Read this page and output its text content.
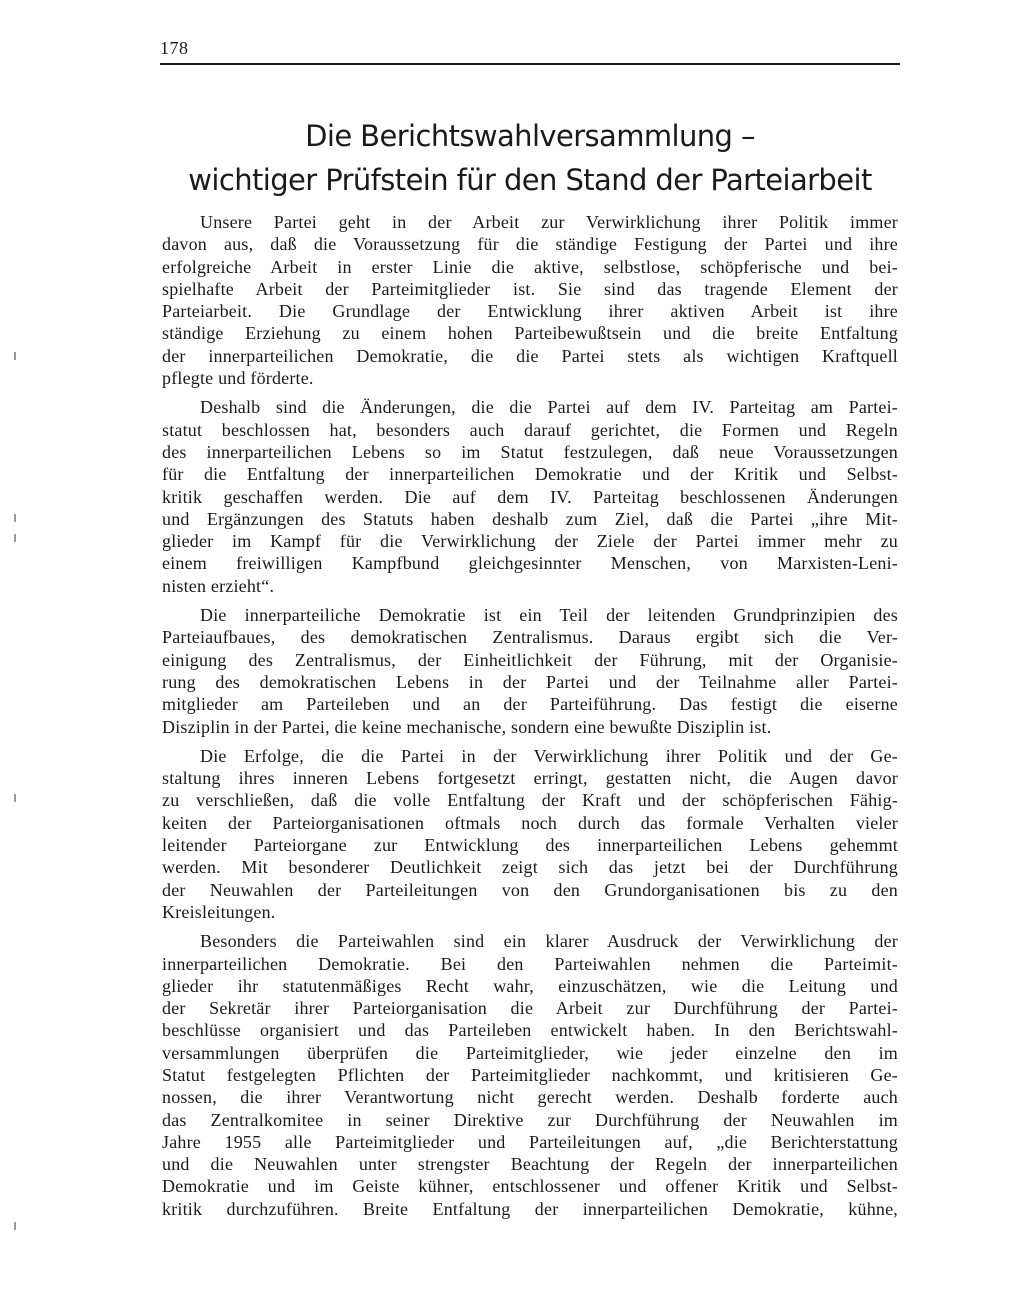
178
Die Berichtswahlversammlung –
wichtiger Prüfstein für den Stand der Parteiarbeit

Unsere Partei geht in der Arbeit zur Verwirklichung ihrer Politik immer
davon aus, daß die Voraussetzung für die ständige Festigung der Partei und ihre
erfolgreiche Arbeit in erster Linie die aktive, selbstlose, schöpferische und bei-
spielhafte Arbeit der Parteimitglieder ist. Sie sind das tragende Element der
Parteiarbeit. Die Grundlage der Entwicklung ihrer aktiven Arbeit ist ihre
ständige Erziehung zu einem hohen Parteibewußtsein und die breite Entfaltung
der innerparteilichen Demokratie, die die Partei stets als wichtigen Kraftquell
pflegte und förderte.

Deshalb sind die Änderungen, die die Partei auf dem IV. Parteitag am Partei-
statut beschlossen hat, besonders auch darauf gerichtet, die Formen und Regeln
des innerparteilichen Lebens so im Statut festzulegen, daß neue Voraussetzungen
für die Entfaltung der innerparteilichen Demokratie und der Kritik und Selbst-
kritik geschaffen werden. Die auf dem IV. Parteitag beschlossenen Änderungen
und Ergänzungen des Statuts haben deshalb zum Ziel, daß die Partei „ihre Mit-
glieder im Kampf für die Verwirklichung der Ziele der Partei immer mehr zu
einem freiwilligen Kampfbund gleichgesinnter Menschen, von Marxisten-Leni-
nisten erzieht“.

Die innerparteiliche Demokratie ist ein Teil der leitenden Grundprinzipien des
Parteiaufbaues, des demokratischen Zentralismus. Daraus ergibt sich die Ver-
einigung des Zentralismus, der Einheitlichkeit der Führung, mit der Organisie-
rung des demokratischen Lebens in der Partei und der Teilnahme aller Partei-
mitglieder am Parteileben und an der Parteiführung. Das festigt die eiserne
Disziplin in der Partei, die keine mechanische, sondern eine bewußte Disziplin ist.

Die Erfolge, die die Partei in der Verwirklichung ihrer Politik und der Ge-
staltung ihres inneren Lebens fortgesetzt erringt, gestatten nicht, die Augen davor
zu verschließen, daß die volle Entfaltung der Kraft und der schöpferischen Fähig-
keiten der Parteiorganisationen oftmals noch durch das formale Verhalten vieler
leitender Parteiorgane zur Entwicklung des innerparteilichen Lebens gehemmt
werden. Mit besonderer Deutlichkeit zeigt sich das jetzt bei der Durchführung
der Neuwahlen der Parteileitungen von den Grundorganisationen bis zu den
Kreisleitungen.

Besonders die Parteiwahlen sind ein klarer Ausdruck der Verwirklichung der
innerparteilichen Demokratie. Bei den Parteiwahlen nehmen die Parteimit-
glieder ihr statutenmäßiges Recht wahr, einzuschätzen, wie die Leitung und
der Sekretär ihrer Parteiorganisation die Arbeit zur Durchführung der Partei-
beschlüsse organisiert und das Parteileben entwickelt haben. In den Berichtswahl-
versammlungen überprüfen die Parteimitglieder, wie jeder einzelne den im
Statut festgelegten Pflichten der Parteimitglieder nachkommt, und kritisieren Ge-
nossen, die ihrer Verantwortung nicht gerecht werden. Deshalb forderte auch
das Zentralkomitee in seiner Direktive zur Durchführung der Neuwahlen im
Jahre 1955 alle Parteimitglieder und Parteileitungen auf, „die Berichterstattung
und die Neuwahlen unter strengster Beachtung der Regeln der innerparteilichen
Demokratie und im Geiste kühner, entschlossener und offener Kritik und Selbst-
kritik durchzuführen. Breite Entfaltung der innerparteilichen Demokratie, kühne,
